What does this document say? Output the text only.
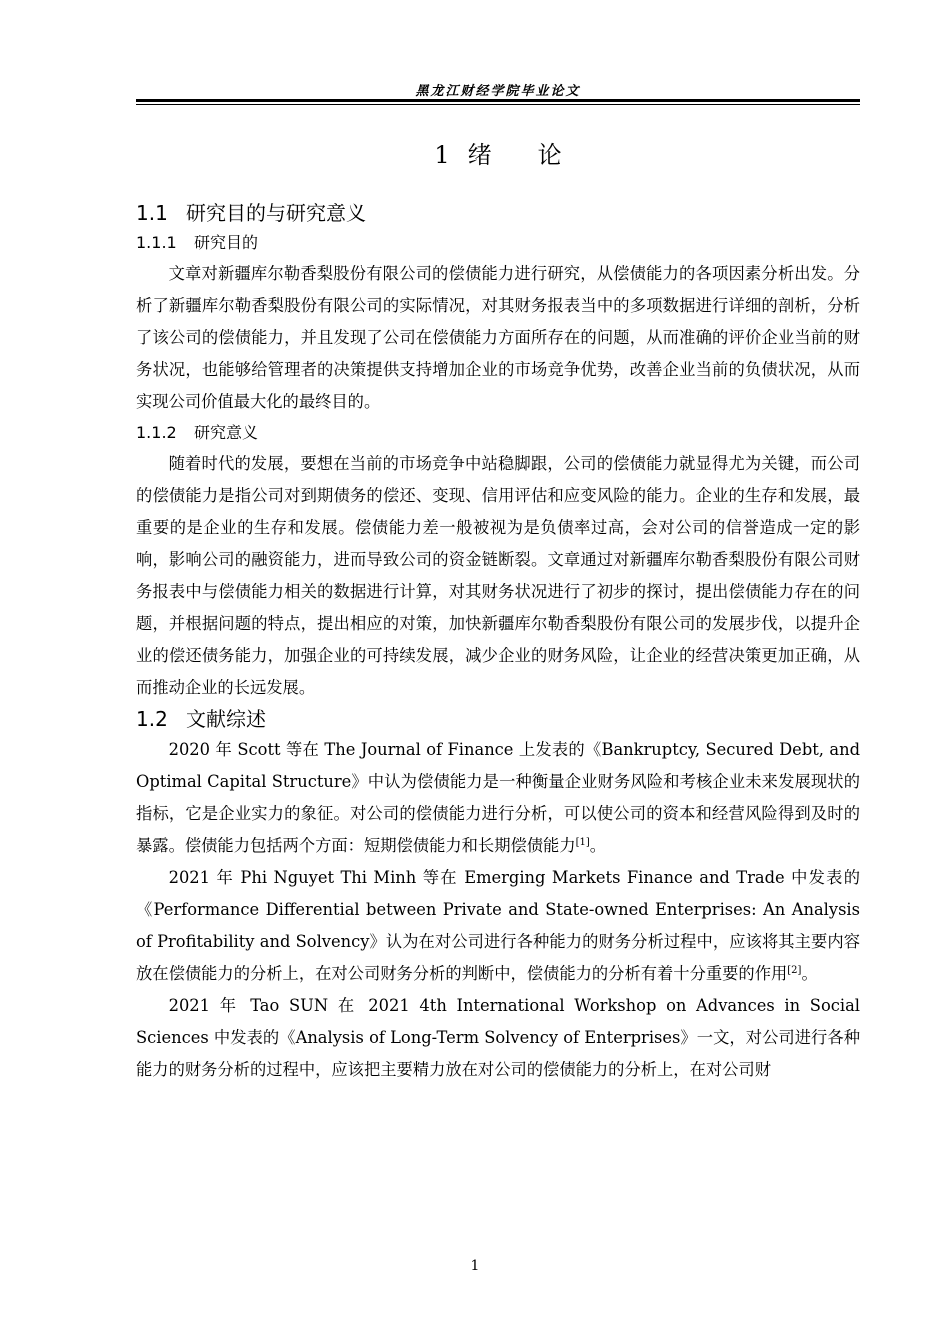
黑龙江财经学院毕业论文
1 绪 论
1.1 研究目的与研究意义
1.1.1 研究目的

文章对新疆库尔勒香梨股份有限公司的偿债能力进行研究，从偿债能力的各项因素分析出发。分析了新疆库尔勒香梨股份有限公司的实际情况，对其财务报表当中的多项数据进行详细的剖析，分析了该公司的偿债能力，并且发现了公司在偿债能力方面所存在的问题，从而准确的评价企业当前的财务状况，也能够给管理者的决策提供支持增加企业的市场竞争优势，改善企业当前的负债状况，从而实现公司价值最大化的最终目的。

1.1.2 研究意义

随着时代的发展，要想在当前的市场竞争中站稳脚跟，公司的偿债能力就显得尤为关键，而公司的偿债能力是指公司对到期债务的偿还、变现、信用评估和应变风险的能力。企业的生存和发展，最重要的是企业的生存和发展。偿债能力差一般被视为是负债率过高，会对公司的信誉造成一定的影响，影响公司的融资能力，进而导致公司的资金链断裂。文章通过对新疆库尔勒香梨股份有限公司财务报表中与偿债能力相关的数据进行计算，对其财务状况进行了初步的探讨，提出偿债能力存在的问题，并根据问题的特点，提出相应的对策，加快新疆库尔勒香梨股份有限公司的发展步伐，以提升企业的偿还债务能力，加强企业的可持续发展，减少企业的财务风险，让企业的经营决策更加正确，从而推动企业的长远发展。

1.2 文献综述

2020 年 Scott 等在 The Journal of Finance 上发表的《Bankruptcy, Secured Debt, and Optimal Capital Structure》中认为偿债能力是一种衡量企业财务风险和考核企业未来发展现状的指标，它是企业实力的象征。对公司的偿债能力进行分析，可以使公司的资本和经营风险得到及时的暴露。偿债能力包括两个方面：短期偿债能力和长期偿债能力[1]。

2021 年 Phi Nguyet Thi Minh 等在 Emerging Markets Finance and Trade 中发表的《Performance Differential between Private and State-owned Enterprises: An Analysis of Profitability and Solvency》认为在对公司进行各种能力的财务分析过程中，应该将其主要内容放在偿债能力的分析上，在对公司财务分析的判断中，偿债能力的分析有着十分重要的作用[2]。

2021 年 Tao SUN 在 2021 4th International Workshop on Advances in Social Sciences 中发表的《Analysis of Long-Term Solvency of Enterprises》一文，对公司进行各种能力的财务分析的过程中，应该把主要精力放在对公司的偿债能力的分析上，在对公司财

1
